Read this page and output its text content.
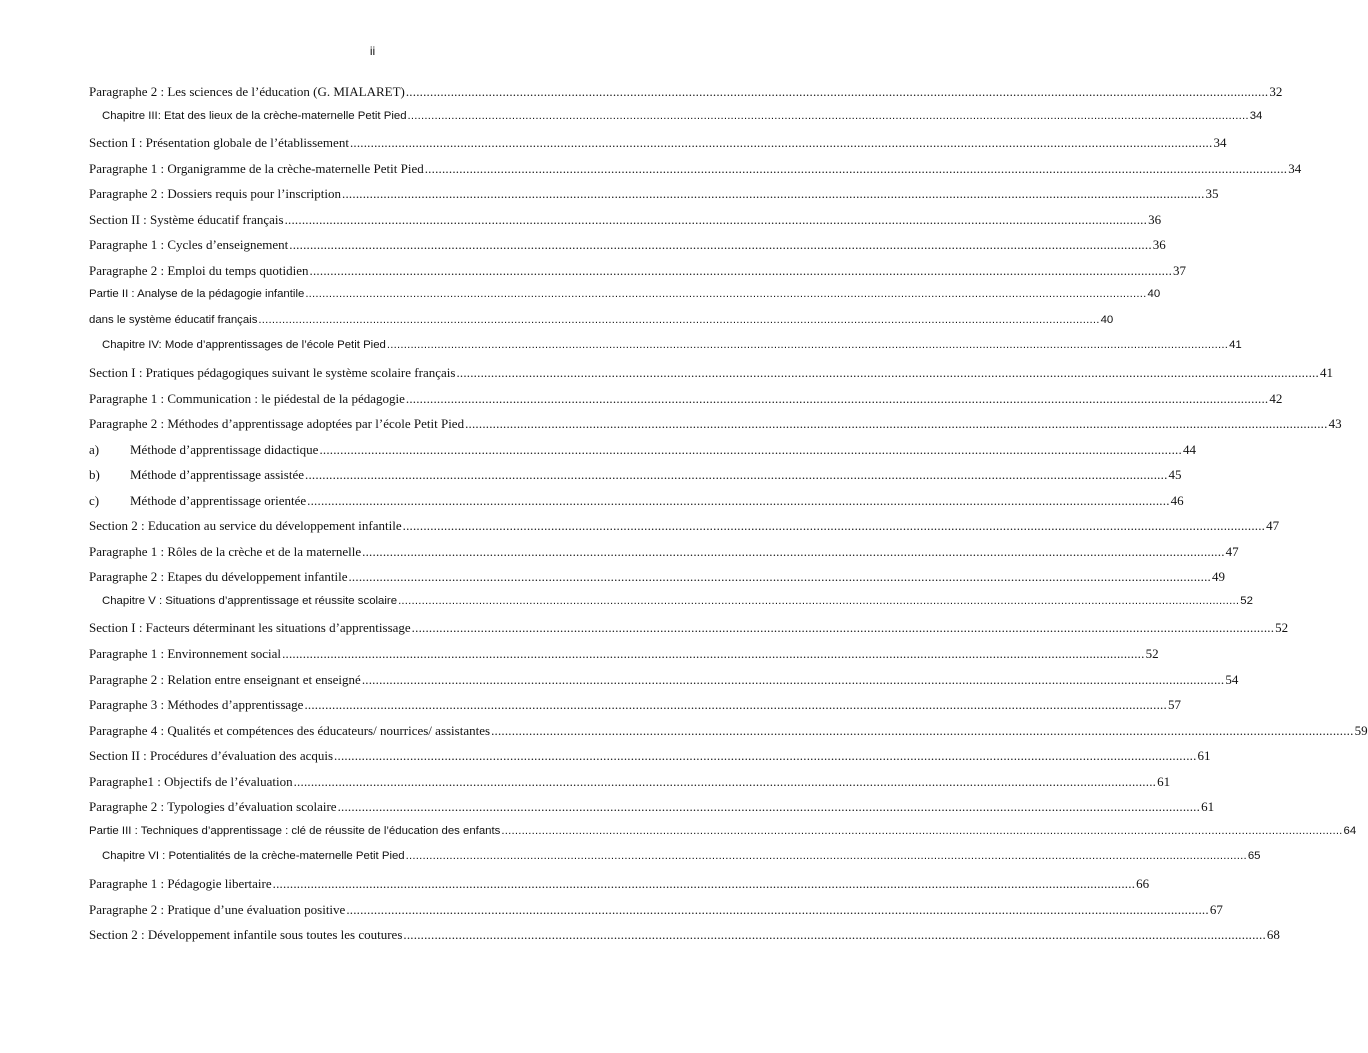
ii
Paragraphe 2 : Les sciences de l’éducation (G. MIALARET) .....	32
Chapitre III: Etat des lieux de la crèche-maternelle Petit Pied .....	34
Section I : Présentation globale de l’établissement .....	34
Paragraphe 1 : Organigramme de la crèche-maternelle Petit Pied .....	34
Paragraphe 2 : Dossiers requis pour l’inscription .....	35
Section II : Système éducatif français .....	36
Paragraphe 1 : Cycles d’enseignement .....	36
Paragraphe 2 : Emploi du temps quotidien .....	37
Partie II : Analyse de la pédagogie infantile .....	40
dans le système éducatif français .....	40
Chapitre IV: Mode d’apprentissages de l’école Petit Pied .....	41
Section I : Pratiques pédagogiques suivant le système scolaire français .....	41
Paragraphe 1 : Communication : le piédestal de la pédagogie .....	42
Paragraphe 2 : Méthodes d’apprentissage adoptées par l’école Petit Pied .....	43
a)	Méthode d’apprentissage didactique .....	44
b)	Méthode d’apprentissage assistée .....	45
c)	Méthode d’apprentissage orientée .....	46
Section 2 : Education au service du développement infantile .....	47
Paragraphe 1 : Rôles de la crèche et de la maternelle .....	47
Paragraphe 2 : Etapes du développement infantile .....	49
Chapitre V : Situations d’apprentissage et réussite scolaire .....	52
Section I : Facteurs déterminant les situations d’apprentissage .....	52
Paragraphe 1 : Environnement social .....	52
Paragraphe 2 : Relation entre enseignant et enseigné .....	54
Paragraphe 3 : Méthodes d’apprentissage .....	57
Paragraphe 4 : Qualités et compétences des éducateurs/ nourrices/ assistantes .....	59
Section II : Procédures d’évaluation des acquis .....	61
Paragraphe1 : Objectifs de l’évaluation .....	61
Paragraphe 2 : Typologies d’évaluation scolaire .....	61
Partie III : Techniques d’apprentissage : clé de réussite de l’éducation des enfants .....	64
Chapitre VI : Potentialités de la crèche-maternelle Petit Pied .....	65
Paragraphe 1 : Pédagogie libertaire .....	66
Paragraphe 2 : Pratique d’une évaluation positive .....	67
Section 2 : Développement infantile sous toutes les coutures .....	68
